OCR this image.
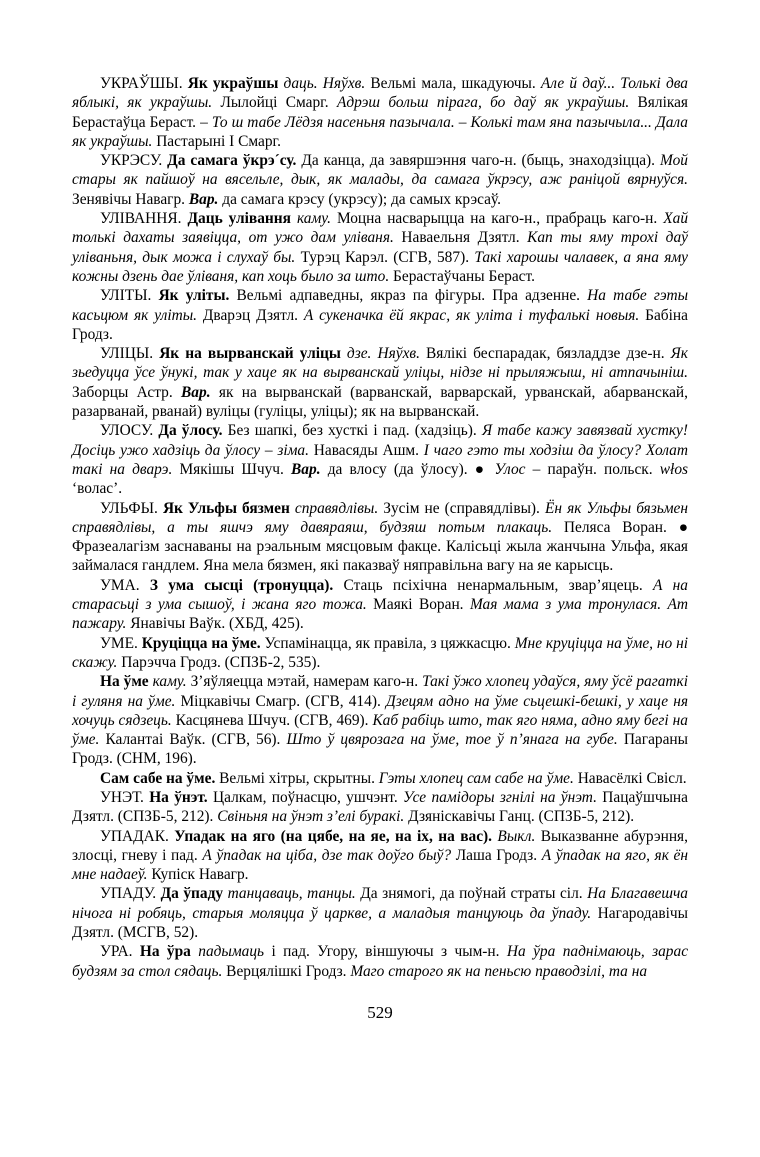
УКРАЎШЫ. Як украўшы даць. Няўхв. Вельмі мала, шкадуючы. Але й даў... Толькі два яблыкі, як украўшы. Лылойці Смарг. Адрэш больш пірага, бо даў як украўшы. Вялікая Берастаўца Бераст. – То ш табе Лёдзя насеньня пазычала. – Колькі там яна пазычыла... Дала як украўшы. Пастарыні І Смарг.

УКРЭСУ. Да самага ўкрэ´су. Да канца, да завяршэння чаго-н. (быць, знаходзіцца). Мой стары як пайшоў на вясельле, дык, як малады, да самага ўкрэсу, аж раніцой вярнуўся. Зенявічы Навагр. Вар. да самага крэсу (укрэсу); да самых крэсаў.

УЛІВАННЯ. Даць улівання каму. Моцна насварыцца на каго-н., прабраць каго-н. Хай толькі дахаты заявіцца, от ужо дам уліваня. Наваельня Дзятл. Кап ты яму трохі даў уліваньня, дык можа і слухаў бы. Турэц Карэл. (СГВ, 587). Такі харошы чалавек, а яна яму кожны дзень дае ўліваня, кап хоць было за што. Берастаўчаны Бераст.

УЛІТЫ. Як уліты. Вельмі адпаведны, якраз па фігуры. Пра адзенне. На табе гэты касьцюм як уліты. Дварэц Дзятл. А сукеначка ёй якрас, як уліта і туфалькі новыя. Бабіна Гродз.

УЛІЦЫ. Як на вырванскай уліцы дзе. Няўхв. Вялікі беспарадак, бязладдзе дзе-н. Як зьедуцца ўсе ўнукі, так у хаце як на вырванскай уліцы, нідзе ні прыляжыш, ні атпачыніш. Заборцы Астр. Вар. як на вырванскай (варванскай, варварскай, урванскай, абарванскай, разарванай, рванай) вуліцы (гуліцы, уліцы); як на вырванскай.

УЛОСУ. Да ўлосу. Без шапкі, без хусткі і пад. (хадзіць). Я табе кажу завязвай хустку! Досіць ужо хадзіць да ўлосу – зіма. Навасяды Ашм. І чаго гэто ты ходзіш да ўлосу? Холат такі на дварэ. Мякішы Шчуч. Вар. да влосу (да ўлосу). ● Улос – параўн. польск. włos ‘волас’.

УЛЬФЫ. Як Ульфы бязмен справядлівы. Зусім не (справядлівы). Ён як Ульфы бязьмен справядлівы, а ты яшчэ яму давяраяш, будзяш потым плакаць. Пеляса Воран. ● Фразеалагізм заснаваны на рэальным мясцовым факце. Калісьці жыла жанчына Ульфа, якая займалася гандлем. Яна мела бязмен, які паказваў няправільна вагу на яе карысць.

УМА. З ума сысці (тронуцца). Стаць псіхічна ненармальным, звар’яцець. А на старасьці з ума сышоў, і жана яго тожа. Маякі Воран. Мая мама з ума тронулася. Ат пажару. Янавічы Ваўк. (ХБД, 425).

УМЕ. Круціцца на ўме. Успамінацца, як правіла, з цяжкасцю. Мне круціцца на ўме, но ні скажу. Парэчча Гродз. (СПЗБ-2, 535).

На ўме каму. З’яўляецца мэтай, намерам каго-н. Такі ўжо хлопец удаўся, яму ўсё рагаткі і гуляня на ўме. Міцкавічы Смагр. (СГВ, 414). Дзецям адно на ўме сьцешкі-бешкі, у хаце ня хочуць сядзець. Касцянева Шчуч. (СГВ, 469). Каб рабіць што, так яго няма, адно яму бегі на ўме. Калантаі Ваўк. (СГВ, 56). Што ў цвярозага на ўме, тое ў п’янага на губе. Пагараны Гродз. (СНМ, 196).

Сам сабе на ўме. Вельмі хітры, скрытны. Гэты хлопец сам сабе на ўме. Навасёлкі Свісл.

УНЭТ. На ўнэт. Цалкам, поўнасцю, ушчэнт. Усе памідоры згнілі на ўнэт. Пацаўшчына Дзятл. (СПЗБ-5, 212). Свіньня на ўнэт з’елі буракі. Дзяніскавічы Ганц. (СПЗБ-5, 212).

УПАДАК. Упадак на яго (на цябе, на яе, на іх, на вас). Выкл. Выказванне абурэння, злосці, гневу і пад. А ўпадак на ціба, дзе так доўго быў? Лаша Гродз. А ўпадак на яго, як ён мне надаеў. Купіск Навагр.

УПАДУ. Да ўпаду танцаваць, танцы. Да знямогі, да поўнай страты сіл. На Благавешча нічога ні робяць, старыя моляцца ў царкве, а маладыя танцуюць да ўпаду. Нагародавічы Дзятл. (МСГВ, 52).

УРА. На ўра падымаць і пад. Угору, віншуючы з чым-н. На ўра паднімаюць, зарас будзям за стол сядаць. Верцялішкі Гродз. Маго старого як на пеньсю праводзілі, та на

529
